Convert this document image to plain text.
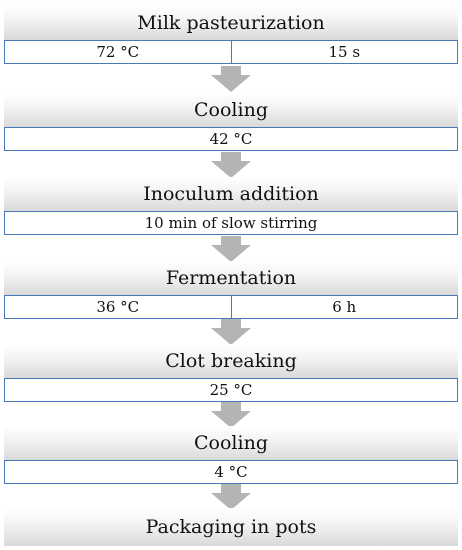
Milk pasteurization
72 °C	15 s
Cooling
42 °C
Inoculum addition
10 min of slow stirring
Fermentation
36 °C	6 h
Clot breaking
25 °C
Cooling
4 °C
Packaging in pots
